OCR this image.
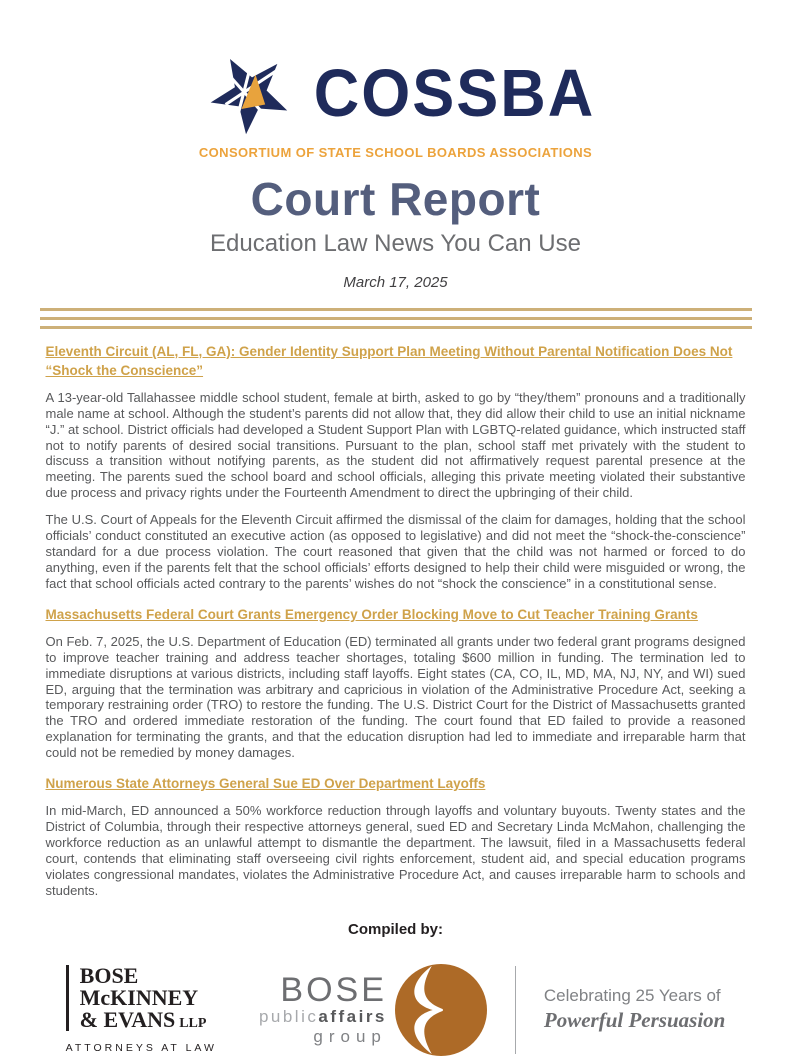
COSSBA
CONSORTIUM OF STATE SCHOOL BOARDS ASSOCIATIONS
Court Report
Education Law News You Can Use
March 17, 2025
Eleventh Circuit (AL, FL, GA): Gender Identity Support Plan Meeting Without Parental Notification Does Not “Shock the Conscience”

A 13-year-old Tallahassee middle school student, female at birth, asked to go by “they/them” pronouns and a traditionally male name at school. Although the student’s parents did not allow that, they did allow their child to use an initial nickname “J.” at school. District officials had developed a Student Support Plan with LGBTQ-related guidance, which instructed staff not to notify parents of desired social transitions. Pursuant to the plan, school staff met privately with the student to discuss a transition without notifying parents, as the student did not affirmatively request parental presence at the meeting. The parents sued the school board and school officials, alleging this private meeting violated their substantive due process and privacy rights under the Fourteenth Amendment to direct the upbringing of their child.

The U.S. Court of Appeals for the Eleventh Circuit affirmed the dismissal of the claim for damages, holding that the school officials’ conduct constituted an executive action (as opposed to legislative) and did not meet the “shock-the-conscience” standard for a due process violation. The court reasoned that given that the child was not harmed or forced to do anything, even if the parents felt that the school officials’ efforts designed to help their child were misguided or wrong, the fact that school officials acted contrary to the parents’ wishes do not “shock the conscience” in a constitutional sense.

Massachusetts Federal Court Grants Emergency Order Blocking Move to Cut Teacher Training Grants

On Feb. 7, 2025, the U.S. Department of Education (ED) terminated all grants under two federal grant programs designed to improve teacher training and address teacher shortages, totaling $600 million in funding. The termination led to immediate disruptions at various districts, including staff layoffs. Eight states (CA, CO, IL, MD, MA, NJ, NY, and WI) sued ED, arguing that the termination was arbitrary and capricious in violation of the Administrative Procedure Act, seeking a temporary restraining order (TRO) to restore the funding. The U.S. District Court for the District of Massachusetts granted the TRO and ordered immediate restoration of the funding. The court found that ED failed to provide a reasoned explanation for terminating the grants, and that the education disruption had led to immediate and irreparable harm that could not be remedied by money damages.

Numerous State Attorneys General Sue ED Over Department Layoffs

In mid-March, ED announced a 50% workforce reduction through layoffs and voluntary buyouts. Twenty states and the District of Columbia, through their respective attorneys general, sued ED and Secretary Linda McMahon, challenging the workforce reduction as an unlawful attempt to dismantle the department. The lawsuit, filed in a Massachusetts federal court, contends that eliminating staff overseeing civil rights enforcement, student aid, and special education programs violates congressional mandates, violates the Administrative Procedure Act, and causes irreparable harm to schools and students.

Compiled by:
BOSE
McKINNEY
& EVANS LLP
ATTORNEYS AT LAW
BOSE
publicaffairs
group
Celebrating 25 Years of
Powerful Persuasion
